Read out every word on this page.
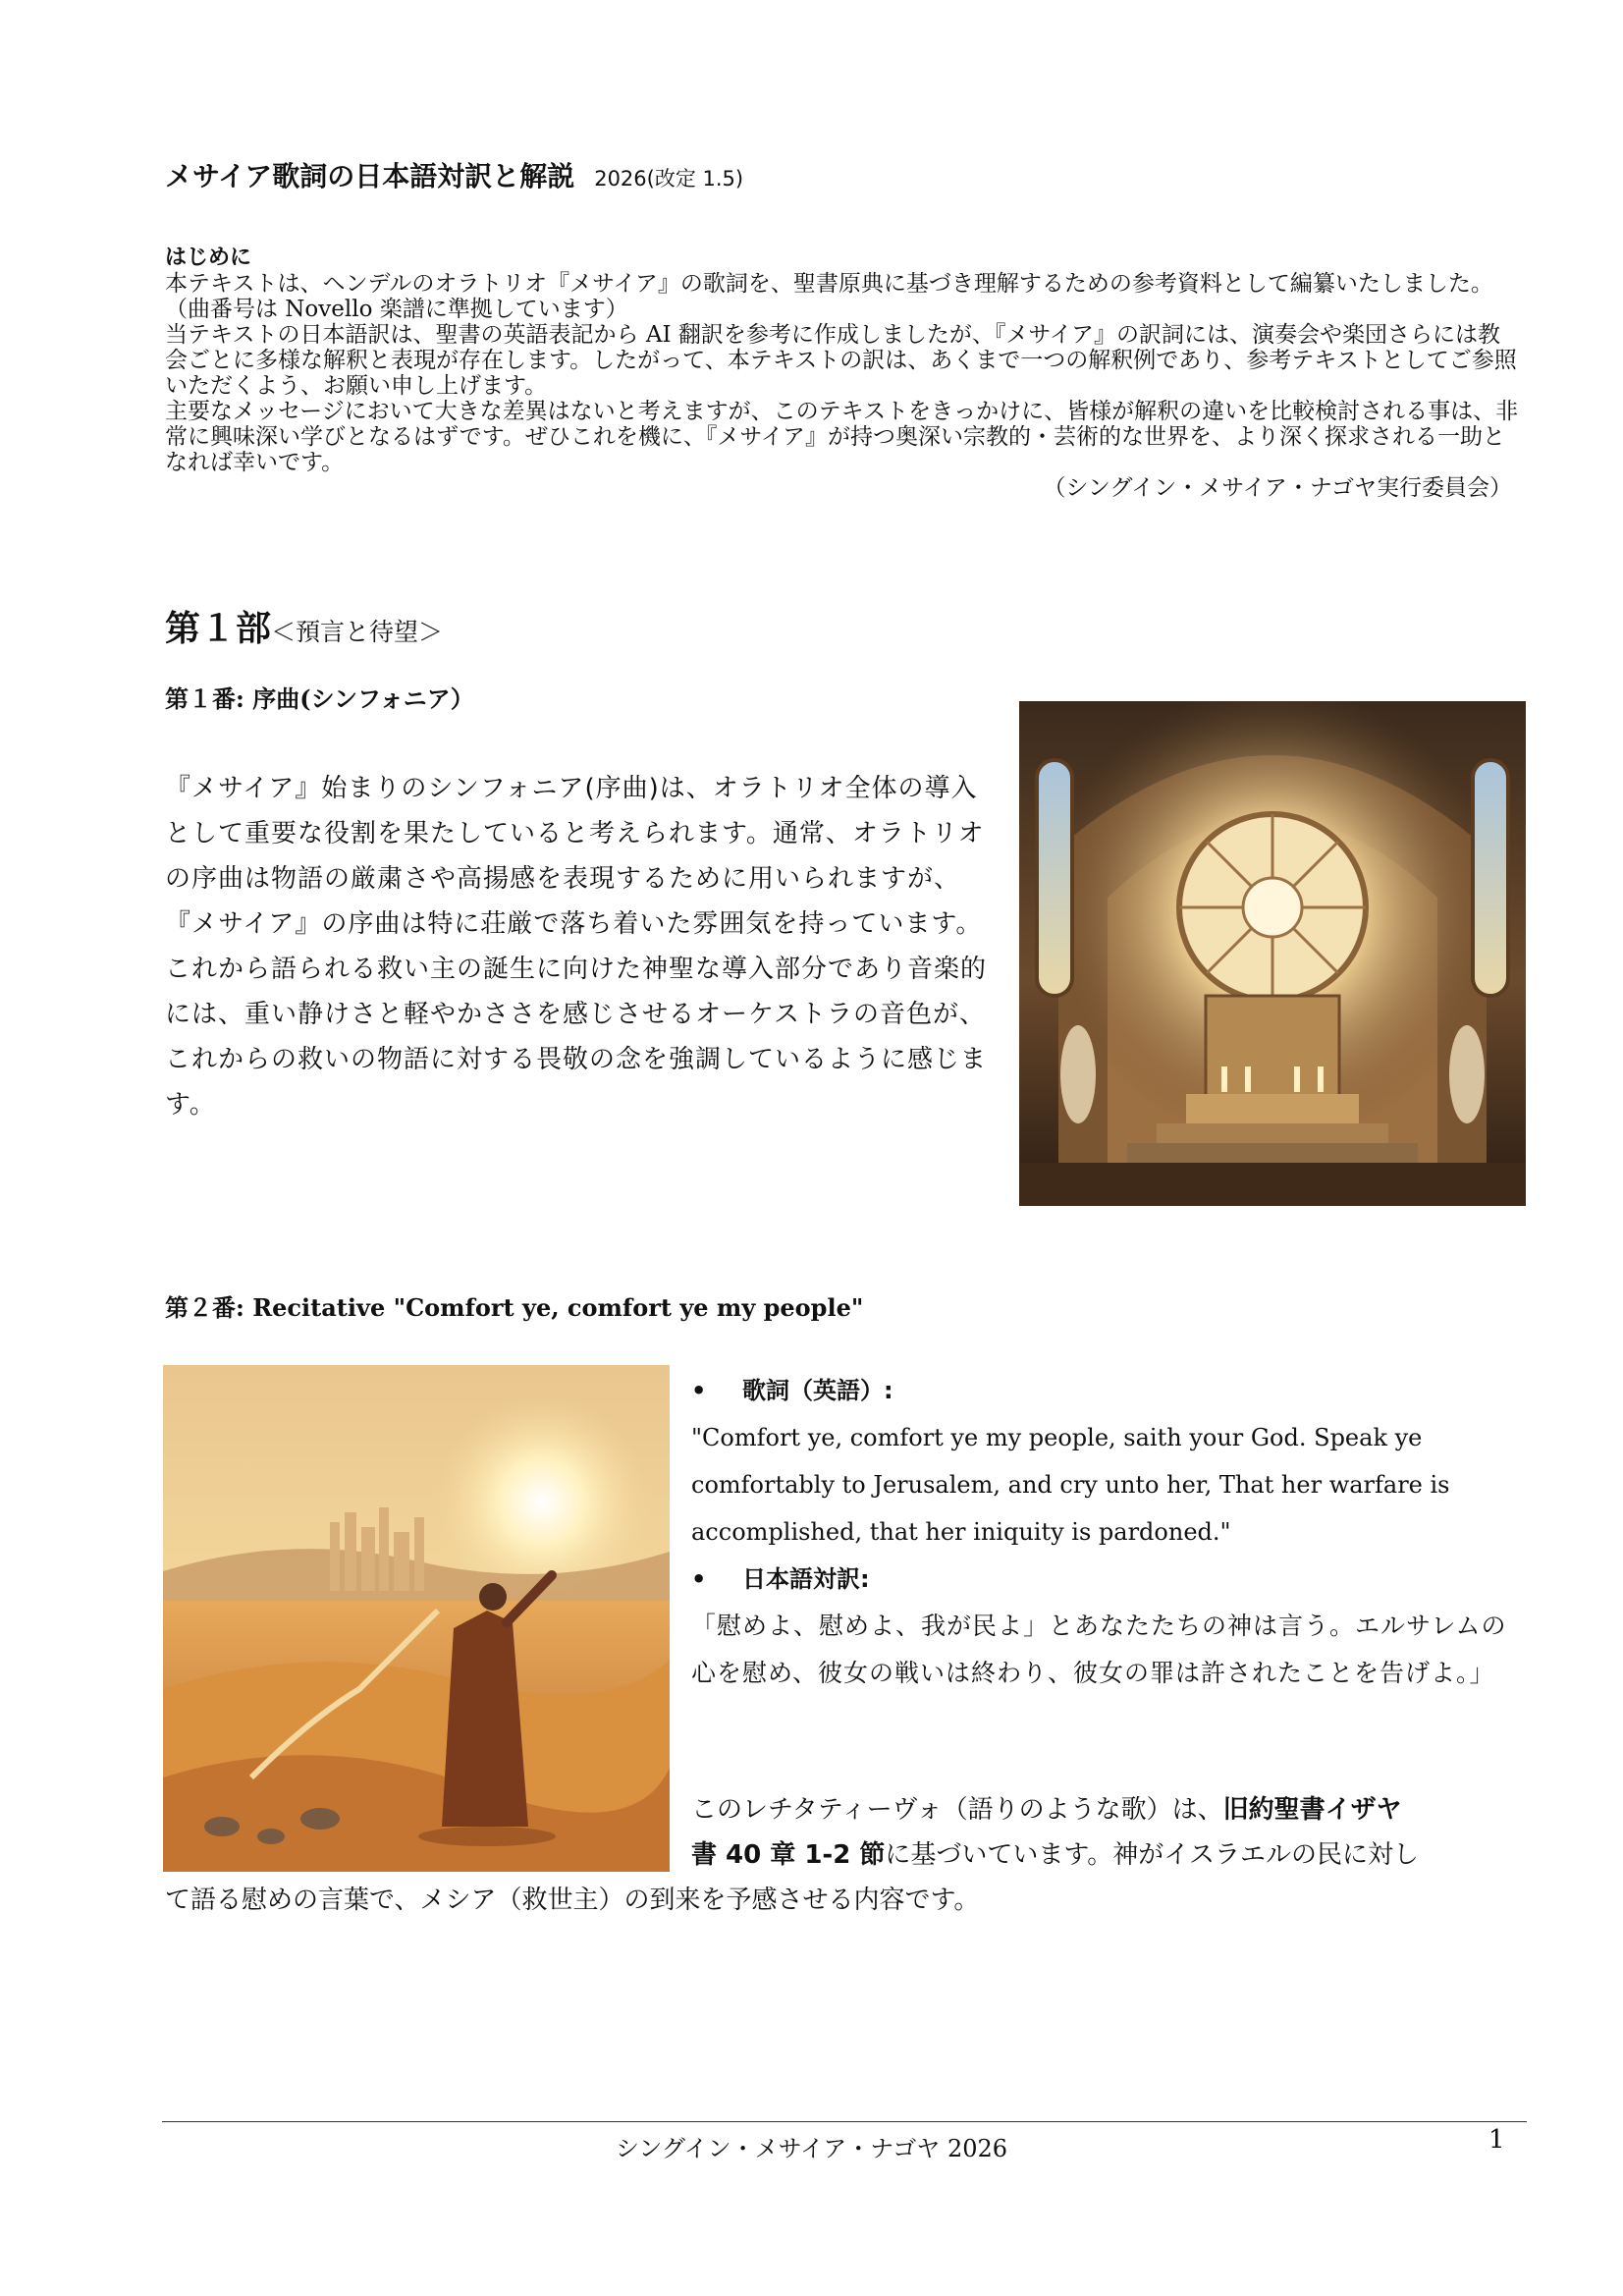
メサイア歌詞の日本語対訳と解説 2026(改定 1.5)
はじめに

本テキストは、ヘンデルのオラトリオ『メサイア』の歌詞を、聖書原典に基づき理解するための参考資料として編纂いたしました。（曲番号は Novello 楽譜に準拠しています）

当テキストの日本語訳は、聖書の英語表記から AI 翻訳を参考に作成しましたが、『メサイア』の訳詞には、演奏会や楽団さらには教会ごとに多様な解釈と表現が存在します。したがって、本テキストの訳は、あくまで一つの解釈例であり、参考テキストとしてご参照いただくよう、お願い申し上げます。

主要なメッセージにおいて大きな差異はないと考えますが、このテキストをきっかけに、皆様が解釈の違いを比較検討される事は、非常に興味深い学びとなるはずです。ぜひこれを機に、『メサイア』が持つ奥深い宗教的・芸術的な世界を、より深く探求される一助となれば幸いです。

（シングイン・メサイア・ナゴヤ実行委員会）

第１部＜預言と待望＞
第１番: 序曲(シンフォニア）
『メサイア』始まりのシンフォニア(序曲)は、オラトリオ全体の導入として重要な役割を果たしていると考えられます。通常、オラトリオの序曲は物語の厳粛さや高揚感を表現するために用いられますが、『メサイア』の序曲は特に荘厳で落ち着いた雰囲気を持っています。 これから語られる救い主の誕生に向けた神聖な導入部分であり音楽的には、重い静けさと軽やかささを感じさせるオーケストラの音色が、これからの救いの物語に対する畏敬の念を強調しているように感じます。
第２番: Recitative "Comfort ye, comfort ye my people"
• 歌詞（英語）:

"Comfort ye, comfort ye my people, saith your God. Speak ye comfortably to Jerusalem, and cry unto her, That her warfare is accomplished, that her iniquity is pardoned."

• 日本語対訳:

「慰めよ、慰めよ、我が民よ」とあなたたちの神は言う。エルサレムの心を慰め、彼女の戦いは終わり、彼女の罪は許されたことを告げよ。」

このレチタティーヴォ（語りのような歌）は、旧約聖書イザヤ
書 40 章 1-2 節に基づいています。神がイスラエルの民に対し
て語る慰めの言葉で、メシア（救世主）の到来を予感させる内容です。
シングイン・メサイア・ナゴヤ 2026	1
